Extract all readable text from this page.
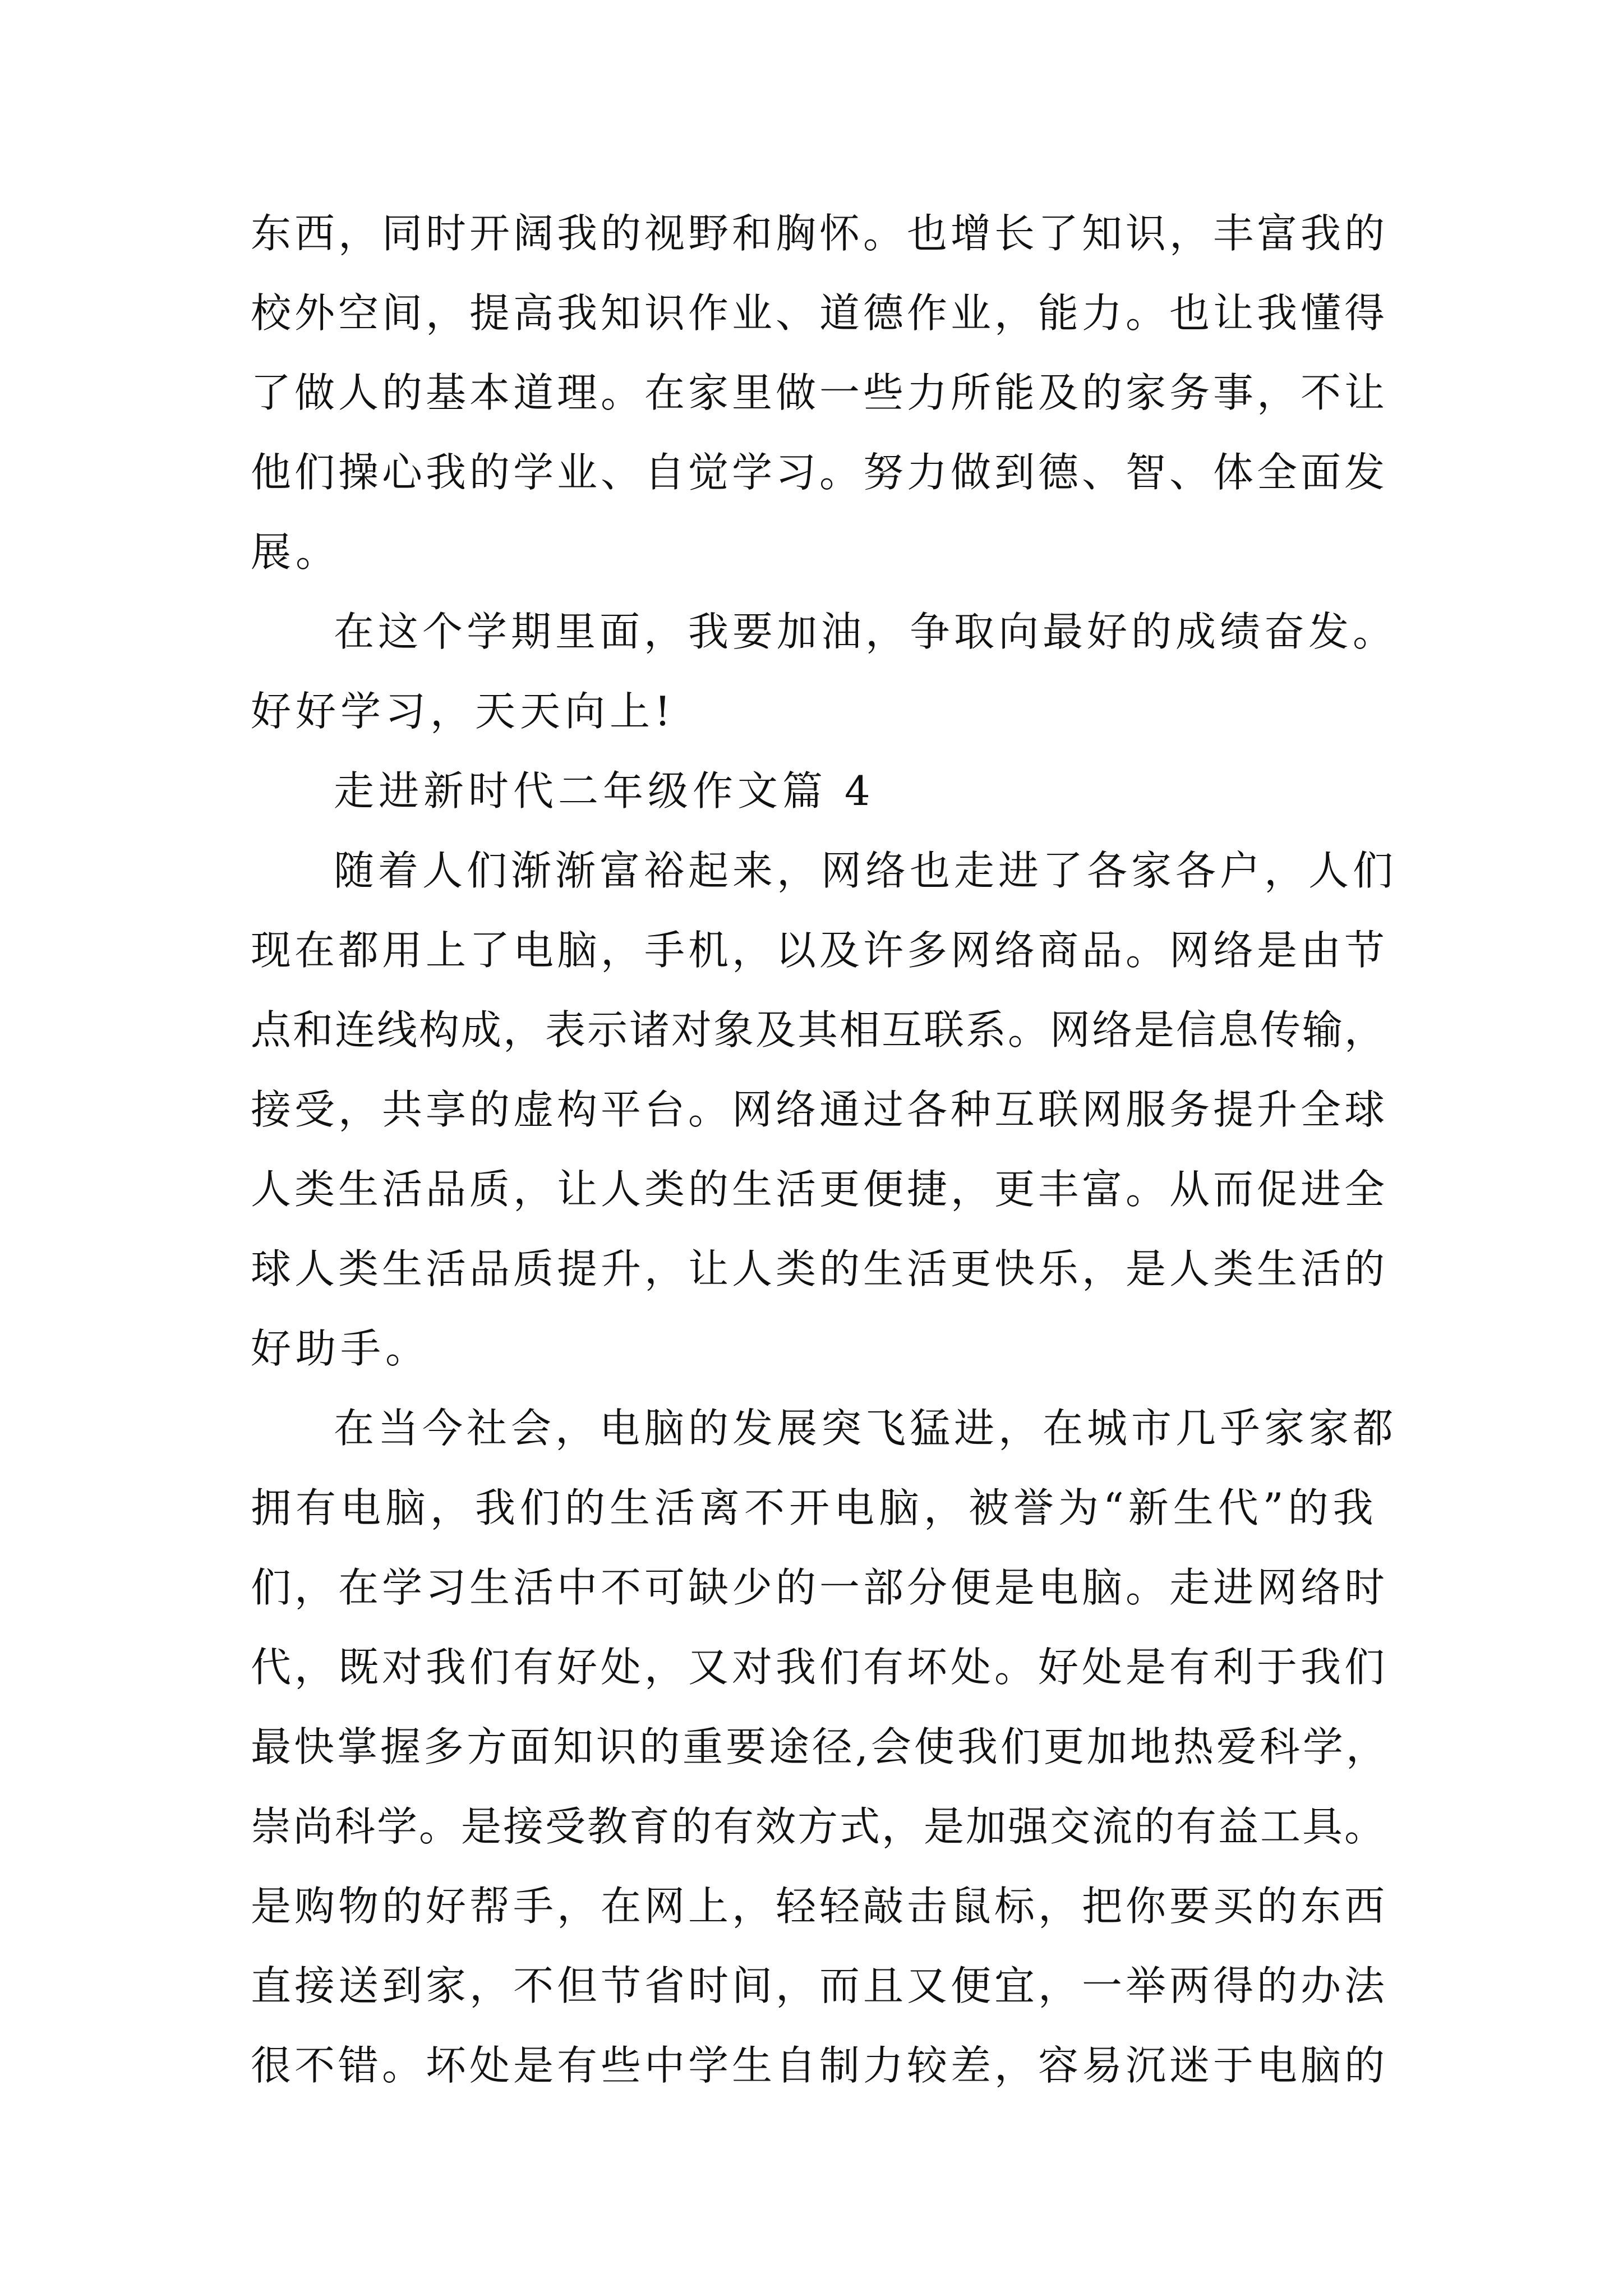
东西，同时开阔我的视野和胸怀。也增长了知识，丰富我的
校外空间，提高我知识作业、道德作业，能力。也让我懂得
了做人的基本道理。在家里做一些力所能及的家务事，不让
他们操心我的学业、自觉学习。努力做到德、智、体全面发
展。
在这个学期里面，我要加油，争取向最好的成绩奋发。
好好学习，天天向上!
走进新时代二年级作文篇 4
随着人们渐渐富裕起来，网络也走进了各家各户，人们
现在都用上了电脑，手机，以及许多网络商品。网络是由节
点和连线构成，表示诸对象及其相互联系。网络是信息传输，
接受，共享的虚构平台。网络通过各种互联网服务提升全球
人类生活品质，让人类的生活更便捷，更丰富。从而促进全
球人类生活品质提升，让人类的生活更快乐，是人类生活的
好助手。
在当今社会，电脑的发展突飞猛进，在城市几乎家家都
拥有电脑，我们的生活离不开电脑，被誉为“新生代”的我
们，在学习生活中不可缺少的一部分便是电脑。走进网络时
代，既对我们有好处，又对我们有坏处。好处是有利于我们
最快掌握多方面知识的重要途径,会使我们更加地热爱科学，
崇尚科学。是接受教育的有效方式，是加强交流的有益工具。
是购物的好帮手，在网上，轻轻敲击鼠标，把你要买的东西
直接送到家，不但节省时间，而且又便宜，一举两得的办法
很不错。坏处是有些中学生自制力较差，容易沉迷于电脑的
